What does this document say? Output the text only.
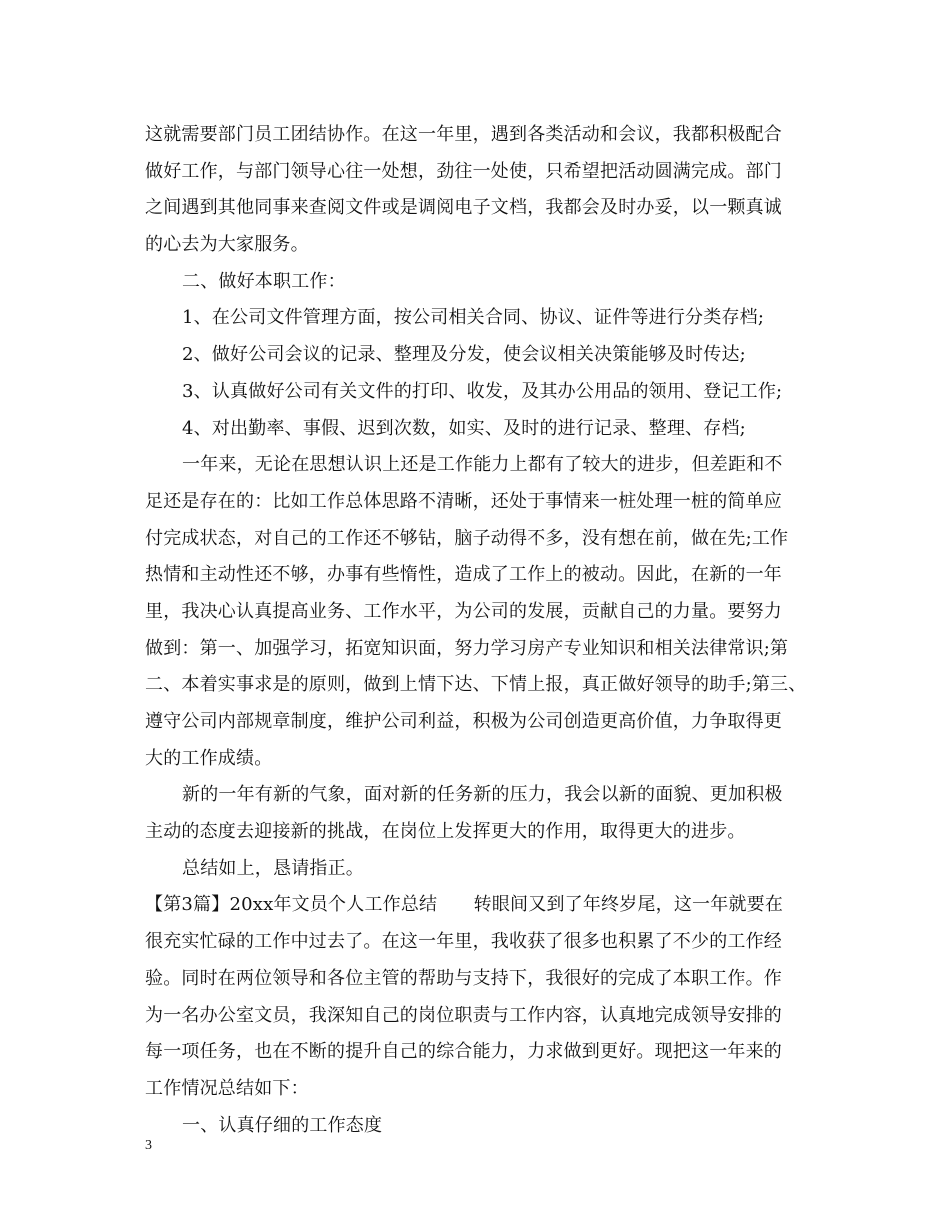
这就需要部门员工团结协作。在这一年里，遇到各类活动和会议，我都积极配合
做好工作，与部门领导心往一处想，劲往一处使，只希望把活动圆满完成。部门
之间遇到其他同事来查阅文件或是调阅电子文档，我都会及时办妥，以一颗真诚
的心去为大家服务。
二、做好本职工作：
1、在公司文件管理方面，按公司相关合同、协议、证件等进行分类存档;
2、做好公司会议的记录、整理及分发，使会议相关决策能够及时传达;
3、认真做好公司有关文件的打印、收发，及其办公用品的领用、登记工作;
4、对出勤率、事假、迟到次数，如实、及时的进行记录、整理、存档;
一年来，无论在思想认识上还是工作能力上都有了较大的进步，但差距和不
足还是存在的：比如工作总体思路不清晰，还处于事情来一桩处理一桩的简单应
付完成状态，对自己的工作还不够钻，脑子动得不多，没有想在前，做在先;工作
热情和主动性还不够，办事有些惰性，造成了工作上的被动。因此，在新的一年
里，我决心认真提高业务、工作水平，为公司的发展，贡献自己的力量。要努力
做到：第一、加强学习，拓宽知识面，努力学习房产专业知识和相关法律常识;第
二、本着实事求是的原则，做到上情下达、下情上报，真正做好领导的助手;第三、
遵守公司内部规章制度，维护公司利益，积极为公司创造更高价值，力争取得更
大的工作成绩。
新的一年有新的气象，面对新的任务新的压力，我会以新的面貌、更加积极
主动的态度去迎接新的挑战，在岗位上发挥更大的作用，取得更大的进步。
总结如上，恳请指正。
【第3篇】20xx年文员个人工作总结　　转眼间又到了年终岁尾，这一年就要在
很充实忙碌的工作中过去了。在这一年里，我收获了很多也积累了不少的工作经
验。同时在两位领导和各位主管的帮助与支持下，我很好的完成了本职工作。作
为一名办公室文员，我深知自己的岗位职责与工作内容，认真地完成领导安排的
每一项任务，也在不断的提升自己的综合能力，力求做到更好。现把这一年来的
工作情况总结如下：
一、认真仔细的工作态度
3
